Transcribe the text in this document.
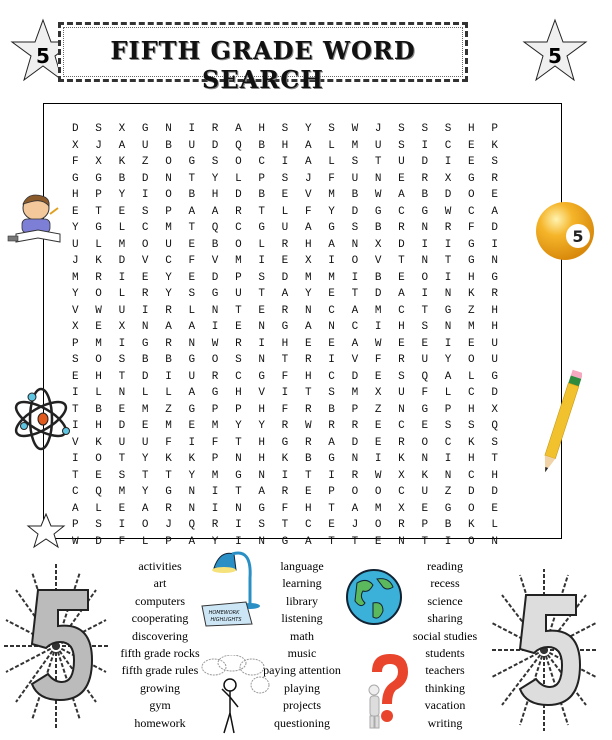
5	FIFTH GRADE WORD SEARCH
5
D	S	X	G	N	I	R	A	H	S	Y	S	W	J	S	S	S	H	P
X	J	A	U	B	U	D	Q	B	H	A	L	M	U	S	I	C	E	K
F	X	K	Z	O	G	S	O	C	I	A	L	S	T	U	D	I	E	S
G	G	B	D	N	T	Y	L	P	S	J	F	U	N	E	R	X	G	R
H	P	Y	I	O	B	H	D	B	E	V	M	B	W	A	B	D	O	E
E	T	E	S	P	A	A	R	T	L	F	Y	D	G	C	G	W	C	A
Y	G	L	C	M	T	Q	C	G	U	A	G	S	B	R	N	R	F	D
U	L	M	O	U	E	B	O	L	R	H	A	N	X	D	I	I	G	I
J	K	D	V	C	F	V	M	I	E	X	I	O	V	T	N	T	G	N
M	R	I	E	Y	E	D	P	S	D	M	M	I	B	E	O	I	H	G
Y	O	L	R	Y	S	G	U	T	A	Y	E	T	D	A	I	N	K	R
V	W	U	I	R	L	N	T	E	R	N	C	A	M	C	T	G	Z	H
X	E	X	N	A	A	I	E	N	G	A	N	C	I	H	S	N	M	H
P	M	I	G	R	N	W	R	I	H	E	E	A	W	E	E	I	E	U
S	O	S	B	B	G	O	S	N	T	R	I	V	F	R	U	Y	O	U
E	H	T	D	I	U	R	C	G	F	H	C	D	E	S	Q	A	L	G
I	L	N	L	L	A	G	H	V	I	T	S	M	X	U	F	L	C	D
T	B	E	M	Z	G	P	P	H	F	R	B	P	Z	N	G	P	H	X
I	H	D	E	M	E	M	Y	Y	R	W	R	R	E	C	E	S	S	Q
V	K	U	U	F	I	F	T	H	G	R	A	D	E	R	O	C	K	S
I	O	T	Y	K	K	P	N	H	K	B	G	N	I	K	N	I	H	T
T	E	S	T	T	Y	M	G	N	I	T	I	R	W	X	K	N	C	H
C	Q	M	Y	G	N	I	T	A	R	E	P	O	O	C	U	Z	D	D
A	L	E	A	R	N	I	N	G	F	H	T	A	M	X	E	G	O	E
P	S	I	O	J	Q	R	I	S	T	C	E	J	O	R	P	B	K	L
W	D	F	L	P	A	Y	I	N	G	A	T	T	E	N	T	I	O	N
5
HOMEWORK
HIGHLIGHTS
activities
art
computers
cooperating
discovering
fifth grade rocks
fifth grade rules
growing
gym
homework
language
learning
library
listening
math
music
paying attention
playing
projects
questioning
reading
recess
science
sharing
social studies
students
teachers
thinking
vacation
writing
